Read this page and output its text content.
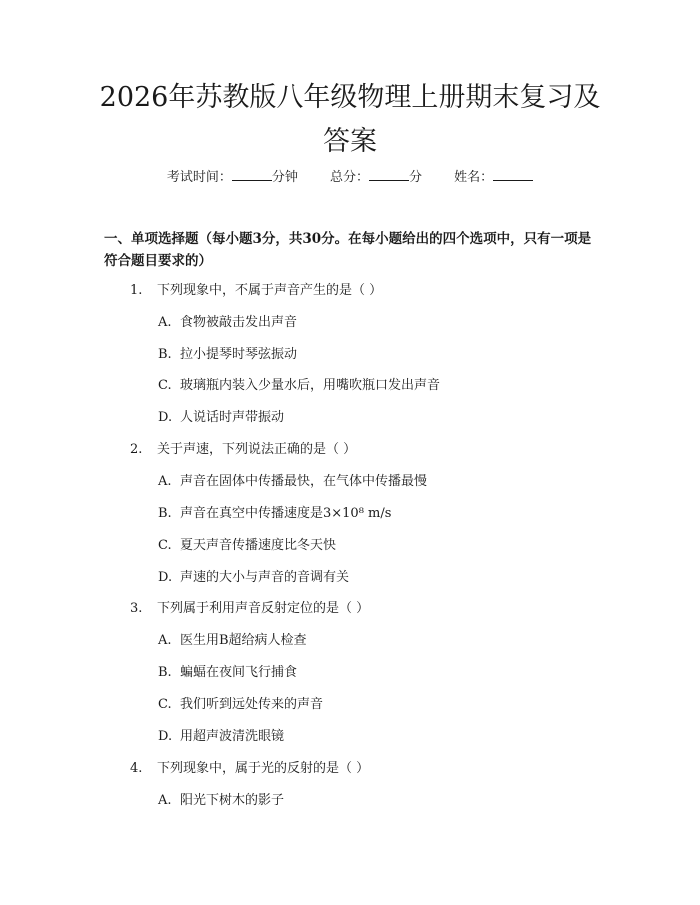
2026年苏教版八年级物理上册期末复习及答案
考试时间：	分钟 总分：	分 姓名：
一、单项选择题（每小题3分，共30分。在每小题给出的四个选项中，只有一项是符合题目要求的）
1. 下列现象中，不属于声音产生的是（ ）
A. 食物被敲击发出声音
B. 拉小提琴时琴弦振动
C. 玻璃瓶内装入少量水后，用嘴吹瓶口发出声音
D. 人说话时声带振动
2. 关于声速，下列说法正确的是（ ）
A. 声音在固体中传播最快，在气体中传播最慢
B. 声音在真空中传播速度是3×10⁸ m/s
C. 夏天声音传播速度比冬天快
D. 声速的大小与声音的音调有关
3. 下列属于利用声音反射定位的是（ ）
A. 医生用B超给病人检查
B. 蝙蝠在夜间飞行捕食
C. 我们听到远处传来的声音
D. 用超声波清洗眼镜
4. 下列现象中，属于光的反射的是（ ）
A. 阳光下树木的影子
